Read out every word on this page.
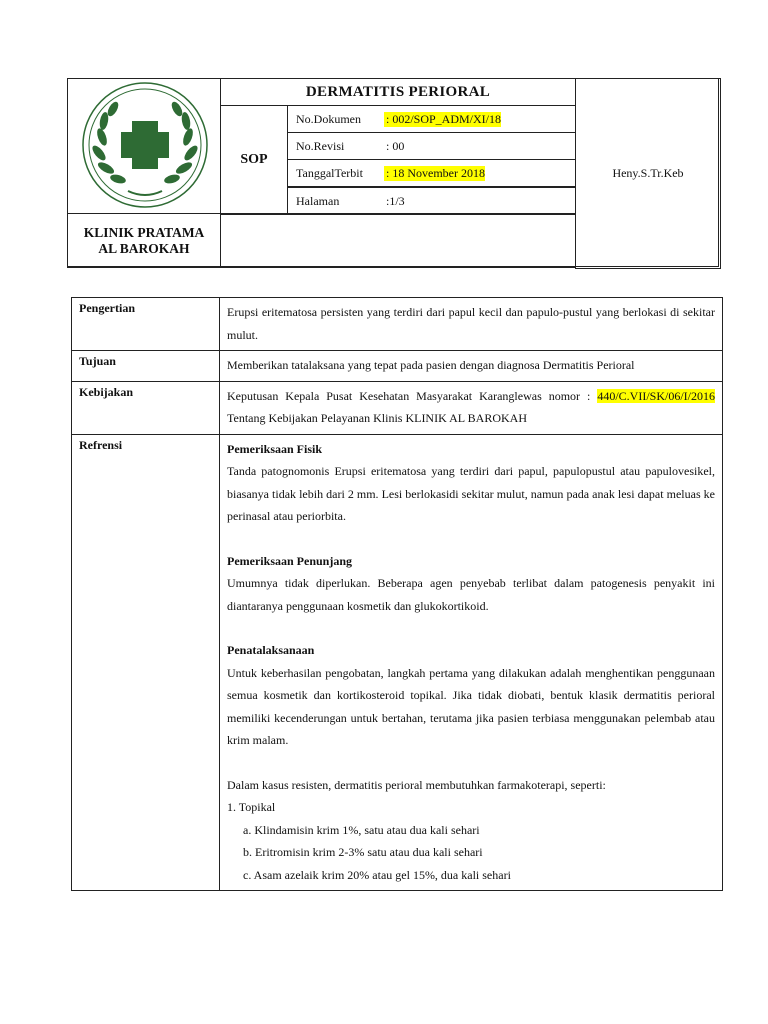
DERMATITIS PERIORAL
SOP
No.Dokumen	: 002/SOP_ADM/XI/18
No.Revisi	: 00
TanggalTerbit	: 18 November 2018
Halaman	:1/3
KLINIK PRATAMA
AL BAROKAH
Heny.S.Tr.Keb
Pengertian	Erupsi eritematosa persisten yang terdiri dari papul kecil dan papulo-pustul yang berlokasi di sekitar mulut.
Tujuan	Memberikan tatalaksana yang tepat pada pasien dengan diagnosa Dermatitis Perioral
Kebijakan	Keputusan Kepala Pusat Kesehatan Masyarakat Karanglewas nomor : 440/C.VII/SK/06/I/2016 Tentang Kebijakan Pelayanan Klinis KLINIK AL BAROKAH
Refrensi	Pemeriksaan Fisik
Tanda patognomonis Erupsi eritematosa yang terdiri dari papul, papulopustul atau papulovesikel, biasanya tidak lebih dari 2 mm. Lesi berlokasidi sekitar mulut, namun pada anak lesi dapat meluas ke perinasal atau periorbita.
Pemeriksaan Penunjang
Umumnya tidak diperlukan. Beberapa agen penyebab terlibat dalam patogenesis penyakit ini diantaranya penggunaan kosmetik dan glukokortikoid.
Penatalaksanaan
Untuk keberhasilan pengobatan, langkah pertama yang dilakukan adalah menghentikan penggunaan semua kosmetik dan kortikosteroid topikal. Jika tidak diobati, bentuk klasik dermatitis perioral memiliki kecenderungan untuk bertahan, terutama jika pasien terbiasa menggunakan pelembab atau krim malam.
Dalam kasus resisten, dermatitis perioral membutuhkan farmakoterapi, seperti:
1. Topikal
a. Klindamisin krim 1%, satu atau dua kali sehari
b. Eritromisin krim 2-3% satu atau dua kali sehari
c. Asam azelaik krim 20% atau gel 15%, dua kali sehari
